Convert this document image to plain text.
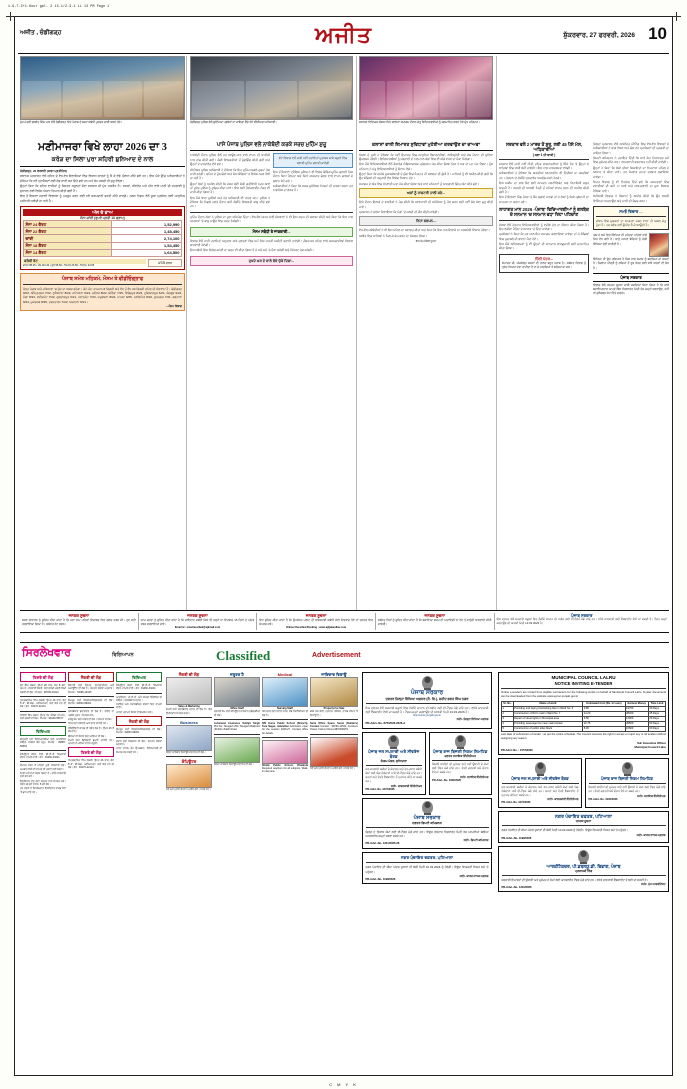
1-9-7-3+1.6our gal. 2 13-1/2-3.1 LL 13 PM Page 1
ਅਜੀਤ , ਚੰਡੀਗੜ੍ਹ	ਅਜੀਤ	ਸ਼ੁੱਕਰਵਾਰ, 27 ਫਰਵਰੀ, 2026 10
ਮੁੱਖ ਮੰਤਰੀ ਭਗਵੰਤ ਸਿੰਘ ਮਾਨ ਵੱਲੋਂ ਚੰਡੀਗੜ੍ਹ ਵਿਖੇ ਪੰਜਾਬ ਦੇ ਬਜਟ ਸਬੰਧੀ ਪੁਸਤਕ ਜਾਰੀ ਕਰਦੇ ਹੋਏ।	ਚੰਡੀਗੜ੍ਹ ਪੁਲਿਸ ਵੱਲੋਂ ਸੁਰੱਖਿਆ ਪ੍ਰਬੰਧਾਂ ਦਾ ਜਾਇਜ਼ਾ ਲੈਂਦੇ ਹੋਏ ਸੀਨੀਅਰ ਅਧਿਕਾਰੀ।	ਸਥਾਨਕ ਵਿਦਿਅਕ ਸੰਸਥਾ ਵਿਖੇ ਸਾਲਾਨਾ ਸਮਾਗਮ ਦੌਰਾਨ ਜੇਤੂ ਵਿਦਿਆਰਥੀਆਂ ਨੂੰ ਸਨਮਾਨਿਤ ਕਰਦੇ ਹੋਏ ਮੁੱਖ ਮਹਿਮਾਨ।
ਮਣੀਮਾਜਰਾ ਵਿਖੇ ਲਾਹਾ 2026 ਦਾ 3
ਕਰੋੜ ਦਾ ਸਿਲਾ ਪੁਰਾ ਸ਼ਹਿਰੀ ਬੁਨਿਆਦ ਦੇ ਨਾਲ

ਚੰਡੀਗੜ੍ਹ, 26 ਫਰਵਰੀ (ਸਾਡਾ ਪ੍ਰਤੀਨਿਧ)

ਸਥਾਨਕ ਪ੍ਰਸ਼ਾਸਨ ਵੱਲੋਂ ਸ਼ਹਿਰ ਦੇ ਵੱਖ-ਵੱਖ ਇਲਾਕਿਆਂ ਵਿਚ ਵਿਕਾਸ ਕਾਰਜਾਂ ਨੂੰ ਲੈ ਕੇ ਵੱਡੇ ਐਲਾਨ ਕੀਤੇ ਗਏ ਹਨ। ਇਸ ਮੌਕੇ ਉੱਚ ਅਧਿਕਾਰੀਆਂ ਨੇ ਦੱਸਿਆ ਕਿ ਨਵੇਂ ਪ੍ਰਾਜੈਕਟਾਂ ਲਈ ਫੰਡ ਜਾਰੀ ਕਰ ਦਿੱਤੇ ਗਏ ਹਨ ਅਤੇ ਕੰਮ ਜਲਦੀ ਹੀ ਸ਼ੁਰੂ ਹੋਵੇਗਾ।

ਉਨ੍ਹਾਂ ਕਿਹਾ ਕਿ ਸ਼ਹਿਰ ਵਾਸੀਆਂ ਨੂੰ ਬਿਹਤਰ ਸਹੂਲਤਾਂ ਦੇਣਾ ਸਰਕਾਰ ਦੀ ਮੁੱਖ ਤਰਜੀਹ ਹੈ। ਸੜਕਾਂ, ਸੀਵਰੇਜ ਅਤੇ ਪੀਣ ਵਾਲੇ ਪਾਣੀ ਦੀ ਸਪਲਾਈ ਨੂੰ ਸੁਧਾਰਨ ਲਈ ਵਿਸ਼ੇਸ਼ ਯੋਜਨਾ ਤਿਆਰ ਕੀਤੀ ਗਈ ਹੈ।

ਇਸ ਤੋਂ ਇਲਾਵਾ ਸਫ਼ਾਈ ਵਿਵਸਥਾ ਨੂੰ ਮਜ਼ਬੂਤ ਕਰਨ ਲਈ ਨਵੇਂ ਕਰਮਚਾਰੀ ਭਰਤੀ ਕੀਤੇ ਜਾਣਗੇ। ਨਗਰ ਨਿਗਮ ਵੱਲੋਂ ਕੂੜਾ ਪ੍ਰਬੰਧਨ ਲਈ ਆਧੁਨਿਕ ਮਸ਼ੀਨਰੀ ਖ਼ਰੀਦੀ ਜਾ ਰਹੀ ਹੈ।

ਅੱਜ ਦੇ ਭਾਅ
ਸੋਨਾ-ਚਾਂਦੀ (ਰੁਪਏ ਪ੍ਰਤੀ 10 ਗ੍ਰਾਮ)
ਸੋਨਾ 24 ਕੈਰਟ	1,52,990
ਸੋਨਾ 22 ਕੈਰਟ	1,48,450
ਚਾਂਦੀ	2,74,100
ਸੋਨਾ 18 ਕੈਰਟ	1,54,450
ਸੋਨਾ 14 ਕੈਰਟ	1,64,500
ਕਰੰਸੀ ਰੇਟ
ਡਾਲਰ 88.25 • ਪੌਂਡ 110.40 • ਯੂਰੋ 95.60 • ਰਿਆਲ 23.50 • ਦਿਰਹਮ 24.05
4/7/8 ਦਰਜ
ਪੰਜਾਬ ਸਮੇਤ ਮਹਿਕਮੇ, ਮੌਸਮ ਤੇ ਵੀਡੀਓਗ੍ਰਾਫ
ਕੱਲ੍ਹ ਪੰਜਾਬ ਅਤੇ ਹਰਿਆਣਾ 'ਚ ਧੁੰਦ ਦਾ ਅਸਰ ਰਹੇਗਾ। ਘੱਟੋ-ਘੱਟ ਤਾਪਮਾਨ 8 ਡਿਗਰੀ ਅਤੇ ਵੱਧ ਤੋਂ ਵੱਧ 24 ਡਿਗਰੀ ਰਹਿਣ ਦੀ ਸੰਭਾਵਨਾ ਹੈ। ਚੰਡੀਗੜ੍ਹ 9/23, ਅੰਮ੍ਰਿਤਸਰ 7/22, ਲੁਧਿਆਣਾ 8/23, ਪਟਿਆਲਾ 9/24, ਜਲੰਧਰ 8/22, ਬਠਿੰਡਾ 7/25, ਫਿਰੋਜ਼ਪੁਰ 8/23, ਹੁਸ਼ਿਆਰਪੁਰ 6/21, ਸੰਗਰੂਰ 9/24, ਮੋਗਾ 8/23, ਫਰੀਦਕੋਟ 7/22, ਗੁਰਦਾਸਪੁਰ 6/21, ਪਠਾਨਕੋਟ 7/23, ਕਪੂਰਥਲਾ 8/22, ਮਾਨਸਾ 9/25, ਨਵਾਂਸ਼ਹਿਰ 8/22, ਰੂਪਨਗਰ 7/21, ਬਰਨਾਲਾ 9/24, ਮੁਕਤਸਰ 8/25, ਤਰਨਤਾਰਨ 7/22, ਅਜਨਾਲਾ 6/21।
—ਮੌਸਮ ਵਿਭਾਗ
ਪਾਸੇ ਪੰਜਾਬ ਪੁਲਿਸ ਵਲੋਂ ਨਾਕੇਬੰਦੀ ਕਰਕੇ ਸਰਚ ਮੁਹਿੰਮ ਸ਼ੁਰੂ

ਨਾਕੇਬੰਦੀ ਦੌਰਾਨ ਪੁਲਿਸ ਵੱਲੋਂ ਹਰ ਆਉਣ-ਜਾਣ ਵਾਲੇ ਵਾਹਨ ਦੀ ਬਾਰੀਕੀ ਨਾਲ ਜਾਂਚ ਕੀਤੀ ਗਈ। ਸ਼ੱਕੀ ਵਿਅਕਤੀਆਂ ਤੋਂ ਪੁੱਛਗਿੱਛ ਕੀਤੀ ਗਈ ਅਤੇ ਉਨ੍ਹਾਂ ਦੇ ਦਸਤਾਵੇਜ਼ ਵੇਖੇ ਗਏ।

ਸੀਨੀਅਰ ਪੁਲਿਸ ਅਧਿਕਾਰੀ ਨੇ ਦੱਸਿਆ ਕਿ ਇਹ ਮੁਹਿੰਮ ਅਗਲੇ ਹੁਕਮਾਂ ਤੱਕ ਜਾਰੀ ਰਹੇਗੀ। ਸ਼ਹਿਰ ਦੇ ਮੁੱਖ ਚੌਕਾਂ ਅਤੇ ਬੱਸ ਅੱਡਿਆਂ 'ਤੇ ਵਿਸ਼ੇਸ਼ ਨਜ਼ਰ ਰੱਖੀ ਜਾ ਰਹੀ ਹੈ।

ਉਨ੍ਹਾਂ ਲੋਕਾਂ ਨੂੰ ਅਪੀਲ ਕੀਤੀ ਕਿ ਜੇਕਰ ਕੋਈ ਸ਼ੱਕੀ ਗਤੀਵਿਧੀ ਨਜ਼ਰ ਆਵੇ ਤਾਂ ਤੁਰੰਤ ਪੁਲਿਸ ਨੂੰ ਸੂਚਿਤ ਕੀਤਾ ਜਾਵੇ। ਇਸ ਲਈ ਹੈਲਪਲਾਈਨ ਨੰਬਰ ਵੀ ਜਾਰੀ ਕੀਤਾ ਗਿਆ ਹੈ।

ਇਸ ਮੌਕੇ ਥਾਣਾ ਮੁਖੀਆਂ ਅਤੇ ਹੋਰ ਅਧਿਕਾਰੀ ਵੀ ਹਾਜ਼ਰ ਸਨ। ਪੁਲਿਸ ਨੇ ਦੱਸਿਆ ਕਿ ਪਿਛਲੇ ਹਫ਼ਤੇ ਦੌਰਾਨ ਕਈ ਲੋੜੀਂਦੇ ਵਿਅਕਤੀ ਕਾਬੂ ਕੀਤੇ ਗਏ ਹਨ।

ਫੋਟੋ ਵਿਭਾਗ ਵਲੋਂ ਜਾਰੀ ਨਵੀਂ ਹਦਾਇਤਾਂ ਮੁਤਾਬਕ ਸਾਰੇ ਸਕੂਲਾਂ ਵਿਚ ਸਫ਼ਾਈ ਮੁਹਿੰਮ ਚਲਾਈ ਜਾਵੇਗੀ

ਇਸ ਤੋਂ ਇਲਾਵਾ ਟ੍ਰੈਫ਼ਿਕ ਪੁਲਿਸ ਨੇ ਵੀ ਵਿਸ਼ੇਸ਼ ਚੈਕਿੰਗ ਮੁਹਿੰਮ ਚਲਾਈ ਜਿਸ ਦੌਰਾਨ ਬਿਨਾਂ ਹੈਲਮਟ ਅਤੇ ਬਿਨਾਂ ਕਾਗਜ਼ਾਤ ਚੱਲਣ ਵਾਲੇ ਵਾਹਨ ਚਾਲਕਾਂ ਦੇ ਚਲਾਨ ਕੱਟੇ ਗਏ।

ਅਧਿਕਾਰੀਆਂ ਨੇ ਕਿਹਾ ਕਿ ਸੜਕ ਸੁਰੱਖਿਆ ਨਿਯਮਾਂ ਦੀ ਪਾਲਣਾ ਕਰਨਾ ਹਰ ਨਾਗਰਿਕ ਦਾ ਫ਼ਰਜ਼ ਹੈ।

ਮੁਹਿੰਮ ਦੌਰਾਨ ਲੋਕਾਂ ਨੇ ਪੁਲਿਸ ਦਾ ਪੂਰਾ ਸਹਿਯੋਗ ਦਿੱਤਾ। ਵੱਖ-ਵੱਖ ਸਮਾਜ ਸੇਵੀ ਸੰਸਥਾਵਾਂ ਨੇ ਵੀ ਇਸ ਕਦਮ ਦੀ ਸ਼ਲਾਘਾ ਕੀਤੀ ਅਤੇ ਕਿਹਾ ਕਿ ਇਸ ਨਾਲ ਅਪਰਾਧਾਂ 'ਤੇ ਕਾਬੂ ਪਾਉਣ ਵਿਚ ਮਦਦ ਮਿਲੇਗੀ।

ਮੌਸਮ ਸਬੰਧੀ ਤੇ ਜਾਣਕਾਰੀ...

ਵਿਭਾਗ ਵੱਲੋਂ ਜਾਰੀ ਹਦਾਇਤਾਂ ਅਨੁਸਾਰ ਸਾਰੇ ਦਫ਼ਤਰਾਂ ਵਿਚ ਸਮੇਂ ਸਿਰ ਹਾਜ਼ਰੀ ਯਕੀਨੀ ਬਣਾਈ ਜਾਵੇਗੀ। ਗ਼ੈਰਹਾਜ਼ਰ ਰਹਿਣ ਵਾਲੇ ਕਰਮਚਾਰੀਆਂ ਖ਼ਿਲਾਫ਼ ਕਾਰਵਾਈ ਹੋਵੇਗੀ।

ਇਸ ਸਬੰਧੀ ਇਕ ਵਿਸ਼ੇਸ਼ ਕਮੇਟੀ ਦਾ ਗਠਨ ਵੀ ਕੀਤਾ ਗਿਆ ਹੈ ਜੋ ਸਮੇਂ-ਸਮੇਂ 'ਤੇ ਦੌਰਾ ਕਰੇਗੀ ਅਤੇ ਰਿਪੋਰਟ ਪੇਸ਼ ਕਰੇਗੀ।

ਦੁਖਦੇ ਘਰ ਦੇ ਵਾਲੇ ਬੱਚੇ ਚੁੱਕੇ ਦਿਸ਼ਾ...
ਕਲਾਸਾਂ ਵਾਲੀ ਇਮਾਰਤ ਸੁਵਿਧਾਵਾਂ ਮੁਹੱਈਆ ਕਰਵਾਉਣ ਦਾ ਦਾਅਵਾ

ਸੰਸਥਾ ਦੇ ਮੁਖੀ ਨੇ ਦੱਸਿਆ ਕਿ ਨਵੀਂ ਇਮਾਰਤ ਵਿਚ ਆਧੁਨਿਕ ਲੈਬਾਰਟਰੀਆਂ, ਲਾਇਬ੍ਰੇਰੀ ਅਤੇ ਖੇਡ ਮੈਦਾਨ ਦੀ ਸੁਵਿਧਾ ਉਪਲਬਧ ਹੋਵੇਗੀ। ਵਿਦਿਆਰਥੀਆਂ ਨੂੰ ਪੜ੍ਹਾਈ ਦੇ ਨਾਲ-ਨਾਲ ਖੇਡਾਂ ਵਿਚ ਵੀ ਅੱਗੇ ਵਧਣ ਦਾ ਮੌਕਾ ਮਿਲੇਗਾ।

ਇਸ ਮੌਕੇ ਵਿਦਿਆਰਥੀਆਂ ਵੱਲੋਂ ਰੰਗਾਰੰਗ ਸੱਭਿਆਚਾਰਕ ਪ੍ਰੋਗਰਾਮ ਪੇਸ਼ ਕੀਤਾ ਗਿਆ ਜਿਸ ਨੇ ਸਭ ਦਾ ਮਨ ਮੋਹ ਲਿਆ। ਮੁੱਖ ਮਹਿਮਾਨ ਨੇ ਜੇਤੂ ਵਿਦਿਆਰਥੀਆਂ ਨੂੰ ਇਨਾਮ ਵੰਡੇ।

ਉਨ੍ਹਾਂ ਕਿਹਾ ਕਿ ਅਜੋਕੇ ਮੁਕਾਬਲੇਬਾਜ਼ੀ ਦੇ ਯੁੱਗ ਵਿਚ ਮਿਹਨਤ ਹੀ ਸਫਲਤਾ ਦੀ ਕੁੰਜੀ ਹੈ। ਮਾਪਿਆਂ ਨੂੰ ਵੀ ਅਪੀਲ ਕੀਤੀ ਗਈ ਕਿ ਉਹ ਬੱਚਿਆਂ ਦੀ ਪੜ੍ਹਾਈ ਵੱਲ ਵਿਸ਼ੇਸ਼ ਧਿਆਨ ਦੇਣ।

ਸਮਾਗਮ ਦੇ ਅੰਤ ਵਿਚ ਧੰਨਵਾਦੀ ਮਤਾ ਪੇਸ਼ ਕੀਤਾ ਗਿਆ ਅਤੇ ਸਾਰੇ ਮਹਿਮਾਨਾਂ ਨੂੰ ਯਾਦਗਾਰੀ ਚਿੰਨ੍ਹ ਭੇਟ ਕੀਤੇ ਗਏ।

ਅਸਾਂ ਨੂੰ ਰਾਸ਼ਟਰੀ ਹਾਲੀ ਬਣੇ...

ਇਸੇ ਦੌਰਾਨ ਇਲਾਕੇ ਦੇ ਵਸਨੀਕਾਂ ਨੇ ਮੰਗ ਕੀਤੀ ਕਿ ਆਵਾਜਾਈ ਦੀ ਸਮੱਸਿਆ ਨੂੰ ਹੱਲ ਕਰਨ ਲਈ ਨਵੀਂ ਬੱਸ ਸੇਵਾ ਸ਼ੁਰੂ ਕੀਤੀ ਜਾਵੇ।

ਪ੍ਰਸ਼ਾਸਨ ਨੇ ਭਰੋਸਾ ਦਿਵਾਇਆ ਕਿ ਮੰਗਾਂ 'ਤੇ ਜਲਦੀ ਹੀ ਗੌਰ ਕੀਤੀ ਜਾਵੇਗੀ।

ਰਿਹਾ ਬਚਪਨ...

ਵੱਖ-ਵੱਖ ਜਥੇਬੰਦੀਆਂ ਨੇ ਵੀ ਇਸ ਪਹਿਲ ਦਾ ਸਵਾਗਤ ਕੀਤਾ ਅਤੇ ਕਿਹਾ ਕਿ ਇਸ ਨਾਲ ਇਲਾਕੇ ਦਾ ਸਰਬਪੱਖੀ ਵਿਕਾਸ ਹੋਵੇਗਾ।

ਅਖੀਰ ਵਿਚ ਸਾਰਿਆਂ ਨੇ ਮਿਲ ਕੇ ਕੰਮ ਕਰਨ ਦਾ ਸੰਕਲਪ ਲਿਆ।

ਇਸ ਲੇਖ ਸੰਬੰਧੀ ਸੂਚਨਾ
ਸਰਕਾਰ ਵਲੋਂ 2 ਮਾਰਚ ਤੋਂ ਸ਼ੁਰੂ, ਲਈ 45 ਪੈਸੇ ਮੇਲ, ਅਧਿਕਾਰੀਆਂ
( ਸਫ਼ਾ 1 ਦੀ ਬਾਕੀ )

ਸਰਕਾਰ ਵੱਲੋਂ ਜਾਰੀ ਨਵੀਂ ਨੀਤੀ ਤਹਿਤ ਲਾਭਪਾਤਰੀਆਂ ਨੂੰ ਸਿੱਧੇ ਤੌਰ 'ਤੇ ਉਨ੍ਹਾਂ ਦੇ ਖਾਤਿਆਂ ਵਿਚ ਰਾਸ਼ੀ ਭੇਜੀ ਜਾਵੇਗੀ। ਇਸ ਨਾਲ ਪਾਰਦਰਸ਼ਤਾ ਵਧੇਗੀ।

ਅਧਿਕਾਰੀਆਂ ਨੇ ਦੱਸਿਆ ਕਿ ਅਰਜ਼ੀਆਂ ਆਨਲਾਈਨ ਵੀ ਦਿੱਤੀਆਂ ਜਾ ਸਕਦੀਆਂ ਹਨ। ਪੋਰਟਲ 'ਤੇ ਲੋੜੀਂਦੇ ਦਸਤਾਵੇਜ਼ ਅਪਲੋਡ ਕਰਨੇ ਹੋਣਗੇ।

ਇਸ ਸਕੀਮ ਦਾ ਲਾਭ ਲੈਣ ਲਈ ਆਮਦਨ ਸਰਟੀਫਿਕੇਟ ਅਤੇ ਰਿਹਾਇਸ਼ੀ ਸਬੂਤ ਲਾਜ਼ਮੀ ਹੈ। ਅਰਜ਼ੀ ਦੀ ਆਖ਼ਰੀ ਮਿਤੀ ਤੋਂ ਪਹਿਲਾਂ ਫਾਰਮ ਭਰਨ ਦੀ ਅਪੀਲ ਕੀਤੀ ਗਈ ਹੈ।

ਇਸ ਤੋਂ ਇਲਾਵਾ ਪਿੰਡ ਪੱਧਰ 'ਤੇ ਕੈਂਪ ਲਗਾਏ ਜਾਣਗੇ ਤਾਂ ਜੋ ਲੋਕਾਂ ਨੂੰ ਕਿਸੇ ਪ੍ਰੇਸ਼ਾਨੀ ਦਾ ਸਾਹਮਣਾ ਨਾ ਕਰਨਾ ਪਵੇ।

ਲਾਹਾਗਤ ਮਾਨ 2026 -ਪੰਜਾਬ' ਵਿਦਿਆਰਥੀਆਂ ਨੂੰ ਗਲਬੇਕ ਦੇ ਸਨਮਾਨ 'ਚ ਸਨਮਾਨ ਵਧਾ ਰਿਹਾ ਪਹਿਚਾਣ

ਸੰਸਥਾ ਵੱਲੋਂ ਹੋਣਹਾਰ ਵਿਦਿਆਰਥੀਆਂ ਨੂੰ ਵਜ਼ੀਫ਼ੇ ਦੇਣ ਦਾ ਐਲਾਨ ਕੀਤਾ ਗਿਆ ਹੈ। ਇਹ ਵਜ਼ੀਫ਼ਾ ਮੈਰਿਟ ਦੇ ਆਧਾਰ 'ਤੇ ਦਿੱਤਾ ਜਾਵੇਗਾ।

ਪ੍ਰਬੰਧਕਾਂ ਨੇ ਕਿਹਾ ਕਿ ਹਰ ਸਾਲ ਇਹ ਸਮਾਗਮ ਕਰਵਾਇਆ ਜਾਵੇਗਾ ਤਾਂ ਜੋ ਬੱਚਿਆਂ ਵਿਚ ਮੁਕਾਬਲੇ ਦੀ ਭਾਵਨਾ ਪੈਦਾ ਹੋਵੇ।

ਇਸ ਮੌਕੇ ਅਧਿਆਪਕਾਂ ਨੂੰ ਵੀ ਉਨ੍ਹਾਂ ਦੀ ਸ਼ਾਨਦਾਰ ਕਾਰਗੁਜ਼ਾਰੀ ਲਈ ਸਨਮਾਨਿਤ ਕੀਤਾ ਗਿਆ।

ਚਿੱਠੀ ਪੱਤਰ...

ਸੰਪਾਦਕ ਜੀ, ਅੱਜਕੱਲ੍ਹ ਸੜਕਾਂ ਦੀ ਹਾਲਤ ਬਹੁਤ ਖ਼ਰਾਬ ਹੈ। ਸਬੰਧਤ ਵਿਭਾਗ ਨੂੰ ਤੁਰੰਤ ਧਿਆਨ ਦੇਣਾ ਚਾਹੀਦਾ ਹੈ ਤਾਂ ਜੋ ਹਾਦਸਿਆਂ ਤੋਂ ਬਚਿਆ ਜਾ ਸਕੇ।

ਜ਼ਿਲ੍ਹਾ ਪ੍ਰਸ਼ਾਸਨ ਵੱਲੋਂ ਆਯੋਜਿਤ ਮੀਟਿੰਗ ਵਿਚ ਵੱਖ-ਵੱਖ ਵਿਭਾਗਾਂ ਦੇ ਅਧਿਕਾਰੀਆਂ ਨੇ ਭਾਗ ਲਿਆ ਅਤੇ ਚੱਲ ਰਹੇ ਪ੍ਰਾਜੈਕਟਾਂ ਦੀ ਪ੍ਰਗਤੀ ਦਾ ਜਾਇਜ਼ਾ ਲਿਆ।

ਡਿਪਟੀ ਕਮਿਸ਼ਨਰ ਨੇ ਹਦਾਇਤ ਦਿੱਤੀ ਕਿ ਸਾਰੇ ਕੰਮ ਨਿਰਧਾਰਤ ਸਮੇਂ ਵਿਚ ਮੁਕੰਮਲ ਕੀਤੇ ਜਾਣ। ਲਾਪਰਵਾਹੀ ਬਰਦਾਸ਼ਤ ਨਹੀਂ ਕੀਤੀ ਜਾਵੇਗੀ।

ਉਨ੍ਹਾਂ ਨੇ ਕਿਹਾ ਕਿ ਲੋਕਾਂ ਦੀਆਂ ਸ਼ਿਕਾਇਤਾਂ ਦਾ ਨਿਪਟਾਰਾ ਪਹਿਲ ਦੇ ਆਧਾਰ 'ਤੇ ਕੀਤਾ ਜਾਵੇ। ਹਰ ਸੋਮਵਾਰ ਜਨਤਾ ਦਰਬਾਰ ਲਗਾਇਆ ਜਾਵੇਗਾ।

ਸਿਹਤ ਵਿਭਾਗ ਨੂੰ ਵੀ ਨਿਰਦੇਸ਼ ਦਿੱਤੇ ਗਏ ਕਿ ਹਸਪਤਾਲਾਂ ਵਿਚ ਦਵਾਈਆਂ ਦੀ ਕਮੀ ਨਾ ਆਵੇ ਅਤੇ ਸਾਫ਼-ਸਫ਼ਾਈ ਦਾ ਪੂਰਾ ਖ਼ਿਆਲ ਰੱਖਿਆ ਜਾਵੇ।

ਖੇਤੀਬਾੜੀ ਵਿਭਾਗ ਨੇ ਕਿਸਾਨਾਂ ਨੂੰ ਅਪੀਲ ਕੀਤੀ ਕਿ ਉਹ ਫ਼ਸਲੀ ਵਿਭਿੰਨਤਾ ਅਪਣਾਉਣ ਅਤੇ ਪਾਣੀ ਦੀ ਬੱਚਤ ਕਰਨ।

ਸਮਝੋ ਵਿਚਾਰ ...
ਜੀਵਨ ਵਿਚ ਮੁਸ਼ਕਲਾਂ ਦਾ ਸਾਹਮਣਾ ਕਰਨ ਵਾਲਾ ਹੀ ਅਸਲ ਜੇਤੂ ਹੁੰਦਾ ਹੈ। ਹਰ ਸਵੇਰ ਨਵੀਂ ਉਮੀਦ ਲੈ ਕੇ ਆਉਂਦੀ ਹੈ।

ਅੱਜ ਦੇ ਸਮੇਂ ਵਿਚ ਸਿੱਖਿਆ ਦੀ ਮਹੱਤਤਾ ਪਹਿਲਾਂ ਨਾਲੋਂ ਕਿਤੇ ਵੱਧ ਗਈ ਹੈ। ਸਾਨੂੰ ਆਪਣੇ ਬੱਚਿਆਂ ਨੂੰ ਚੰਗੀ ਸਿੱਖਿਆ ਦੇਣੀ ਚਾਹੀਦੀ ਹੈ।

ਸਿੱਖਿਆ ਹੀ ਉਹ ਹਥਿਆਰ ਹੈ ਜਿਸ ਨਾਲ ਸਮਾਜ ਨੂੰ ਬਦਲਿਆ ਜਾ ਸਕਦਾ ਹੈ। ਨੌਜਵਾਨ ਪੀੜ੍ਹੀ ਨੂੰ ਨਸ਼ਿਆਂ ਤੋਂ ਦੂਰ ਰੱਖਣ ਲਈ ਸਾਂਝੇ ਯਤਨਾਂ ਦੀ ਲੋੜ ਹੈ।

ਪੰਜਾਬ ਸਰਕਾਰ

ਵਿਭਾਗ ਵੱਲੋਂ ਜਨਤਕ ਸੂਚਨਾ ਜਾਰੀ ਕਰਦਿਆਂ ਕਿਹਾ ਗਿਆ ਹੈ ਕਿ ਸਾਰੇ ਬਕਾਇਆਦਾਰ ਆਪਣੇ ਬਿੱਲ ਨਿਰਧਾਰਤ ਮਿਤੀ ਤੱਕ ਜਮ੍ਹਾਂ ਕਰਵਾਉਣ, ਨਹੀਂ ਤਾਂ ਕੁਨੈਕਸ਼ਨ ਕੱਟ ਦਿੱਤੇ ਜਾਣਗੇ।

ਜਨਤਕ ਸੂਚਨਾ
ਸਰਵ ਸਾਧਾਰਨ ਨੂੰ ਸੂਚਿਤ ਕੀਤਾ ਜਾਂਦਾ ਹੈ ਕਿ ਮੇਰਾ ਨਾਮ ਪਹਿਲਾਂ ਰਿਕਾਰਡ ਵਿਚ ਗ਼ਲਤ ਦਰਜ ਸੀ। ਹੁਣ ਸਹੀ ਕਰਵਾਇਆ ਗਿਆ ਹੈ। ਸਬੰਧਤ ਨੋਟ ਕਰਨ।
ਜਨਤਕ ਸੂਚਨਾ
ਆਮ ਜਨਤਾ ਨੂੰ ਸੂਚਿਤ ਕੀਤਾ ਜਾਂਦਾ ਹੈ ਕਿ ਜਾਇਦਾਦ ਸਬੰਧੀ ਕਿਸੇ ਵੀ ਤਰ੍ਹਾਂ ਦਾ ਇਤਰਾਜ਼ 15 ਦਿਨਾਂ ਦੇ ਅੰਦਰ ਦਰਜ ਕਰਵਾਇਆ ਜਾਵੇ।
Email id : omaclassified@ajitmail.com
ਜਨਤਕ ਸੂਚਨਾ
ਇਹ ਸੂਚਿਤ ਕੀਤਾ ਜਾਂਦਾ ਹੈ ਕਿ ਉਪਰੋਕਤ ਪਲਾਟ ਦੀ ਰਜਿਸਟਰੀ ਸਬੰਧੀ ਕੋਈ ਇਤਰਾਜ਼ ਹੋਵੇ ਤਾਂ ਦਫ਼ਤਰ ਵਿਚ ਸੰਪਰਕ ਕਰੋ।
Online Classified Booking : www.ajitjalandhar.com
ਜਨਤਕ ਸੂਚਨਾ
ਸਬੰਧਤ ਧਿਰਾਂ ਨੂੰ ਸੂਚਿਤ ਕੀਤਾ ਜਾਂਦਾ ਹੈ ਕਿ ਬਕਾਇਆ ਰਕਮ ਦੀ ਅਦਾਇਗੀ ਨਾ ਹੋਣ ਤੇ ਕਾਨੂੰਨੀ ਕਾਰਵਾਈ ਕੀਤੀ ਜਾਵੇਗੀ।
ਪੰਜਾਬ ਸਰਕਾਰ
ਇਸ ਦਫ਼ਤਰ ਵੱਲੋਂ ਸਰਕਾਰੀ ਸਕੂਲਾਂ ਵਿਚ ਲੋੜੀਂਦੇ ਸਾਮਾਨ ਦੀ ਖ਼ਰੀਦ ਲਈ ਈ-ਟੈਂਡਰ ਮੰਗੇ ਜਾਂਦੇ ਹਨ। ਵਧੇਰੇ ਜਾਣਕਾਰੀ ਲਈ ਵੈੱਬਸਾਈਟ ਵੇਖੀ ਜਾ ਸਕਦੀ ਹੈ। ਟੈਂਡਰ ਜਮ੍ਹਾਂ ਕਰਵਾਉਣ ਦੀ ਆਖ਼ਰੀ ਮਿਤੀ 13.03.2026 ਹੈ।
ਸਿਰਲੇਖਵਾਰ	ਵਿਗਿਆਪਨ	Classified	Advertisement
ਰਿਸ਼ਤੇ ਦੀ ਲੋੜ
ਜੱਟ ਸਿੱਖ ਲੜਕਾ, ਉਮਰ 28 ਸਾਲ, ਕੱਦ 5'-10", ਐਮ.ਏ., ਸਰਕਾਰੀ ਨੌਕਰੀ, ਲਈ ਸੁਨੱਖੀ ਪੜ੍ਹੀ-ਲਿਖੀ ਲੜਕੀ ਦੀ ਲੋੜ। ਸੰਪਰਕ : 98765-43210
ਰਾਮਗੜ੍ਹੀਆ ਸਿੱਖ ਲੜਕੀ, ਉਮਰ 26 ਸਾਲ, ਕੱਦ 5'-4", ਬੀ.ਐਡ., ਅਧਿਆਪਕਾ, ਲਈ ਯੋਗ ਵਰ ਦੀ ਲੋੜ। ਫ਼ੋਨ : 94170-22114
ਸਾਇਨੀ ਸਿੱਖ ਲੜਕਾ, ਉਮਰ 31, ਕੈਨੇਡਾ ਪੀ.ਆਰ., ਲਈ ਲੜਕੀ ਦੀ ਲੋੜ। ਸੰਪਰਕ : 98140-55677
ਵਿਦਿਅਕ
ਬਾਰ੍ਹਵੀਂ ਪਾਸ ਵਿਦਿਆਰਥੀਆਂ ਲਈ ਆਈਲੈਟਸ ਕੋਚਿੰਗ, ਸਪੈਸ਼ਲ ਬੈਚ ਸ਼ੁਰੂ। ਸੰਪਰਕ : 99887-66554
ਕੰਪਿਊਟਰ ਕੋਰਸ, ਟੈਲੀ, ਡੀ.ਟੀ.ਪੀ. ਸਿਖਲਾਈ ਕੇਂਦਰ, ਦਾਖ਼ਲੇ ਜਾਰੀ। ਫ਼ੋਨ : 81460-33221

ਸੰਪਰਕ ਕਰਨ ਤੋਂ ਪਹਿਲਾਂ ਪੂਰੀ ਜਾਣਕਾਰੀ ਲਵੋ। ਅਖ਼ਬਾਰ ਕਿਸੇ ਵੀ ਦਾਅਵੇ ਦੀ ਪੁਸ਼ਟੀ ਨਹੀਂ ਕਰਦਾ।

ਮਿਤੀ ਅਤੇ ਸਮਾਂ ਬਦਲ ਸਕਦਾ ਹੈ। ਵਧੇਰੇ ਜਾਣਕਾਰੀ ਲਈ ਫ਼ੋਨ ਕਰੋ।

ਇਸ਼ਤਿਹਾਰ ਦੇਣ ਲਈ ਦਫ਼ਤਰ ਨਾਲ ਸੰਪਰਕ ਕਰੋ। ਸਵੇਰੇ 10 ਵਜੇ ਤੋਂ ਸ਼ਾਮ 5 ਵਜੇ ਤੱਕ।

ਹਰ ਤਰ੍ਹਾਂ ਦੇ ਸਿਰਲੇਖਵਾਰ ਇਸ਼ਤਿਹਾਰ ਵਾਜਬ ਰੇਟਾਂ 'ਤੇ ਛਾਪੇ ਜਾਂਦੇ ਹਨ।

ਨੌਕਰੀ ਦੀ ਲੋੜ
ਫੈਕਟਰੀ ਲਈ ਹੈਲਪਰ, ਸੁਪਰਵਾਈਜ਼ਰ ਅਤੇ ਅਕਾਊਂਟੈਂਟ ਦੀ ਲੋੜ ਹੈ। ਤਨਖ਼ਾਹ ਯੋਗਤਾ ਅਨੁਸਾਰ। ਸੰਪਰਕ : 70098-12345
ਸ਼ੋਅਰੂਮ ਲਈ ਸੇਲਜ਼ਮੈਨ/ਸੇਲਜ਼ਗਰਲ ਦੀ ਲੋੜ। ਸੰਪਰਕ : 62830-99001

ਤਜਰਬੇਕਾਰ ਡਰਾਈਵਰ ਦੀ ਲੋੜ ਹੈ। ਰਹਿਣ ਦਾ ਪ੍ਰਬੰਧ ਮੁਫ਼ਤ। ਸੰਪਰਕ ਕਰੋ।

ਘਰੇਲੂ ਕੰਮ ਲਈ ਔਰਤ ਦੀ ਲੋੜ। ਤਨਖ਼ਾਹ ਵਾਜਬ।

ਹੋਟਲ ਲਈ ਰਸੋਈਏ ਅਤੇ ਵੇਟਰ ਚਾਹੀਦੇ ਹਨ।

ਸਕਿਉਰਿਟੀ ਗਾਰਡ ਦੀ ਤੁਰੰਤ ਲੋੜ ਹੈ। ਉਮਰ 25 ਤੋਂ 45 ਸਾਲ।

ਬੱਚਿਆਂ ਦੀ ਸੰਭਾਲ ਲਈ ਆਇਆ ਦੀ ਲੋੜ।

ਕੰਪਨੀ ਲਈ ਡਿਲਿਵਰੀ ਬੁਆਏ ਚਾਹੀਦੇ ਹਨ। ਆਪਣਾ ਦੋ-ਪਹੀਆ ਵਾਹਨ ਜ਼ਰੂਰੀ।

ਰਿਸ਼ਤੇ ਦੀ ਲੋੜ
ਰਾਮਗੜ੍ਹੀਆ ਸਿੱਖ ਲੜਕੀ, ਉਮਰ 26 ਸਾਲ, ਕੱਦ 5'-4", ਬੀ.ਐਡ., ਅਧਿਆਪਕਾ, ਲਈ ਯੋਗ ਵਰ ਦੀ ਲੋੜ। ਫ਼ੋਨ : 94170-22114
ਵਿਦਿਅਕ
ਕੰਪਿਊਟਰ ਕੋਰਸ, ਟੈਲੀ, ਡੀ.ਟੀ.ਪੀ. ਸਿਖਲਾਈ ਕੇਂਦਰ, ਦਾਖ਼ਲੇ ਜਾਰੀ। ਫ਼ੋਨ : 81460-33221

ਆਈਲੈਟਸ, ਪੀ.ਟੀ.ਈ. ਅਤੇ ਸਪੋਕਨ ਇੰਗਲਿਸ਼ ਦੀ ਕੋਚਿੰਗ। ਤਜਰਬੇਕਾਰ ਸਟਾਫ਼।

ਨਰਸਿੰਗ ਅਤੇ ਪੈਰਾਮੈਡੀਕਲ ਕੋਰਸਾਂ ਵਿਚ ਦਾਖ਼ਲਾ ਜਾਰੀ।

ਮਾਨਤਾ ਪ੍ਰਾਪਤ ਸੰਸਥਾ ਤੋਂ ਡਿਪਲੋਮਾ ਕਰੋ।

ਨੌਕਰੀ ਦੀ ਲੋੜ
ਸ਼ੋਅਰੂਮ ਲਈ ਸੇਲਜ਼ਮੈਨ/ਸੇਲਜ਼ਗਰਲ ਦੀ ਲੋੜ। ਸੰਪਰਕ : 62830-99001

ਦੁਕਾਨ ਲਈ ਸੇਲਜ਼ਮੈਨ ਦੀ ਲੋੜ। ਤਨਖ਼ਾਹ ਯੋਗਤਾ ਅਨੁਸਾਰ।

ਪਾਰਟ ਟਾਈਮ ਕੰਮ ਉਪਲਬਧ। ਵਿਦਿਆਰਥੀ ਵੀ ਸੰਪਰਕ ਕਰ ਸਕਦੇ ਹਨ।

ਨੌਕਰੀ ਦੀ ਲੋੜ
Sales & Marketing
ਕੰਪਨੀ ਲਈ ਤਜਰਬੇਕਾਰ ਸਟਾਫ਼ ਦੀ ਲੋੜ ਹੈ। ਯੋਗ ਉਮੀਦਵਾਰ ਸੰਪਰਕ ਕਰਨ।
Business
ਚੱਲਦਾ ਕਾਰੋਬਾਰ ਵਿਕਾਊ/ਪਾਰਟਨਰ ਦੀ ਲੋੜ।
ਕੰਪਿਊਟਰ
ਨਵੇਂ ਅਤੇ ਪੁਰਾਣੇ ਲੈਪਟਾਪ ਖ਼ਰੀਦੋ-ਵੇਚੋ। ਸਸਤੇ ਰੇਟ।
ਜ਼ਰੂਰਤ ਹੈ
Office Staff
ਦਫ਼ਤਰੀ ਕੰਮ ਲਈ ਕੰਪਿਊਟਰ ਜਾਣਕਾਰ ਮੁੰਡੇ/ਕੁੜੀਆਂ ਦੀ ਲੋੜ।
Luhanand Insurance Sukhjit Singh Plot No. Tarogarh 252, Tarogarh Ballpoint (Public) Jhabh Road
ਚੱਲਦਾ ਕਾਰੋਬਾਰ ਵਿਕਾਊ/ਪਾਰਟਨਰ ਦੀ ਲੋੜ।
Medical
Nursing Staff
ਹਸਪਤਾਲ ਲਈ ਸਟਾਫ਼ ਨਰਸ, ਲੈਬ ਟੈਕਨੀਸ਼ੀਅਨ ਦੀ ਲੋੜ ਹੈ।
SBI Home Public School (Branch), Tara Nagar, Jalandhar Admission open for the session 2026-27. Contact office for details.
Shakti Public School, Bhatinda Required teachers for all subjects. Walk-in interview.
ਜਾਇਦਾਦ ਵਿਕਾਊ
Property For Sale
200 ਗਜ਼ ਕੋਠੀ, ਪ੍ਰਾਈਮ ਲੋਕੇਸ਼ਨ, ਵਾਜਬ ਕੀਮਤ 'ਤੇ ਵਿਕਾਊ ਹੈ।
Sarla Office Space Suren (Builders) Contact Contact : 98760-14532, Furniture Owner Colony Nimsa 9870266251
ਨਵੇਂ ਅਤੇ ਪੁਰਾਣੇ ਲੈਪਟਾਪ ਖ਼ਰੀਦੋ-ਵੇਚੋ। ਸਸਤੇ ਰੇਟ।
ਪੰਜਾਬ ਸਰਕਾਰ
ਦਫ਼ਤਰ ਜ਼ਿਲ੍ਹਾ ਸਿੱਖਿਆ ਅਫ਼ਸਰ (ਸੈ. ਸਿ.), ਸ਼ਹੀਦ ਭਗਤ ਸਿੰਘ ਨਗਰ
ਇਸ ਦਫ਼ਤਰ ਵੱਲੋਂ ਸਰਕਾਰੀ ਸਕੂਲਾਂ ਵਿਚ ਲੋੜੀਂਦੇ ਸਾਮਾਨ ਦੀ ਖ਼ਰੀਦ ਲਈ ਈ-ਟੈਂਡਰ ਮੰਗੇ ਜਾਂਦੇ ਹਨ। ਵਧੇਰੇ ਜਾਣਕਾਰੀ ਲਈ ਵੈੱਬਸਾਈਟ ਵੇਖੀ ਜਾ ਸਕਦੀ ਹੈ। ਟੈਂਡਰ ਜਮ੍ਹਾਂ ਕਰਵਾਉਣ ਦੀ ਆਖ਼ਰੀ ਮਿਤੀ 13.03.2026 ਹੈ।
http://eproc.punjab.gov.in
ਸਹੀ/- ਜ਼ਿਲ੍ਹਾ ਸਿੱਖਿਆ ਅਫ਼ਸਰ
PR-Advt.-No. 875/2026-2026-A
ਪੰਜਾਬ ਜਲ ਸਪਲਾਈ ਅਤੇ ਸੀਵਰੇਜ ਬੋਰਡ
ਨਿਗਮ ਮੰਡਲ, ਲੁਧਿਆਣਾ
ਜਲ ਸਪਲਾਈ ਸਕੀਮਾਂ ਦੇ ਸੰਚਾਲਨ ਅਤੇ ਰੱਖ-ਰਖਾਵ ਸਬੰਧੀ ਕੰਮਾਂ ਲਈ ਯੋਗ ਠੇਕੇਦਾਰਾਂ ਪਾਸੋਂ ਈ-ਟੈਂਡਰ ਮੰਗੇ ਜਾਂਦੇ ਹਨ। ਸ਼ਰਤਾਂ ਅਤੇ ਵੇਰਵੇ ਵੈੱਬਸਾਈਟ ਤੋਂ ਪ੍ਰਾਪਤ ਕੀਤੇ ਜਾ ਸਕਦੇ ਹਨ।
ਸਹੀ/- ਕਾਰਜਕਾਰੀ ਇੰਜੀਨੀਅਰ
PR-Advt.-No. 1073/2026
ਪੰਜਾਬ ਰਾਜ ਬਿਜਲੀ ਨਿਗਮ ਲਿਮਟਿਡ
ਦਫ਼ਤਰ ਸਹਾਇਕ ਇੰਜੀਨੀਅਰ
ਬਿਜਲੀ ਲਾਈਨਾਂ ਦੀ ਮੁਰੰਮਤ ਅਤੇ ਨਵੀਂ ਉਸਾਰੀ ਦੇ ਕੰਮਾਂ ਲਈ ਟੈਂਡਰ ਮੰਗੇ ਜਾਂਦੇ ਹਨ। ਵੇਰਵੇ ਦਫ਼ਤਰੀ ਸਮੇਂ ਦੌਰਾਨ ਵੇਖੇ ਜਾ ਸਕਦੇ ਹਨ।
ਸਹੀ/- ਸਹਾਇਕ ਇੰਜੀਨੀਅਰ
PR-Advt.-No. 1002/2026
ਪੰਜਾਬ ਸਰਕਾਰ
ਦਫ਼ਤਰ ਡਿਪਟੀ ਕਮਿਸ਼ਨਰ
ਜ਼ਿਲ੍ਹੇ ਦੇ ਵਿਕਾਸ ਕੰਮਾਂ ਲਈ ਈ-ਟੈਂਡਰ ਮੰਗੇ ਜਾਂਦੇ ਹਨ। ਇਛੁੱਕ ਠੇਕੇਦਾਰ ਨਿਰਧਾਰਤ ਮਿਤੀ ਤੱਕ ਆਪਣੀਆਂ ਬੋਲੀਆਂ ਆਨਲਾਈਨ ਜਮ੍ਹਾਂ ਕਰਵਾ ਸਕਦੇ ਹਨ।
ਸਹੀ/- ਡਿਪਟੀ ਕਮਿਸ਼ਨਰ
PR-Advt.-No. 1241/2026-26
ਨਗਰ ਪੰਚਾਇਤ ਦਫ਼ਤਰ, ਪਟਿਆਲਾ
ਨਗਰ ਪੰਚਾਇਤ ਦੀ ਸੀਮਾ ਅੰਦਰ ਦੁਕਾਨਾਂ ਦੀ ਬੋਲੀ ਮਿਤੀ 10.03.2026 ਨੂੰ ਹੋਵੇਗੀ। ਇਛੁੱਕ ਵਿਅਕਤੀ ਨਿਯਤ ਸਮੇਂ 'ਤੇ ਪਹੁੰਚਣ।
ਸਹੀ/- ਕਾਰਜ ਸਾਧਕ ਅਫ਼ਸਰ
PR-Advt.-No. 1198/2026
MUNICIPAL COUNCIL LALRU
NOTICE INVITING E-TENDER
Online e-tenders are invited from eligible contractors for the following works on behalf of Municipal Council Lalru. Tender documents can be downloaded from the website www.eproc.punjab.gov.in
Sr. No.	Name of work	Estimated Cost (Rs. in Lacs)	Earnest Money	Time Limit
1	Providing and laying interlocking tiles in Ward No. 5	9.85	19700	30 Days
2	Construction of RCC road in Ward No. 7	14.20	28400	45 Days
3	Repair of street lights in Municipal area	6.50	13000	20 Days
4	Providing sewerage line near main bazaar	22.75	45500	60 Days
5	Construction of public toilet block	8.30	16600	30 Days
Last date of submission of tender : as per the online schedule. The Council reserves the right to accept or reject any or all tenders without assigning any reason.
Sd/- Executive Officer
Municipal Council Lalru
PR-Advt.-No. : 1557/2026
ਪੰਜਾਬ ਜਲ ਸਪਲਾਈ ਅਤੇ ਸੀਵਰੇਜ ਬੋਰਡ
ਜਲ ਸਪਲਾਈ ਸਕੀਮਾਂ ਦੇ ਸੰਚਾਲਨ ਅਤੇ ਰੱਖ-ਰਖਾਵ ਸਬੰਧੀ ਕੰਮਾਂ ਲਈ ਯੋਗ ਠੇਕੇਦਾਰਾਂ ਪਾਸੋਂ ਈ-ਟੈਂਡਰ ਮੰਗੇ ਜਾਂਦੇ ਹਨ। ਸ਼ਰਤਾਂ ਅਤੇ ਵੇਰਵੇ ਵੈੱਬਸਾਈਟ ਤੋਂ ਪ੍ਰਾਪਤ ਕੀਤੇ ਜਾ ਸਕਦੇ ਹਨ।
ਸਹੀ/- ਕਾਰਜਕਾਰੀ ਇੰਜੀਨੀਅਰ
PR-Advt.-No. 1073/2026
ਪੰਜਾਬ ਰਾਜ ਬਿਜਲੀ ਨਿਗਮ ਲਿਮਟਿਡ
ਬਿਜਲੀ ਲਾਈਨਾਂ ਦੀ ਮੁਰੰਮਤ ਅਤੇ ਨਵੀਂ ਉਸਾਰੀ ਦੇ ਕੰਮਾਂ ਲਈ ਟੈਂਡਰ ਮੰਗੇ ਜਾਂਦੇ ਹਨ। ਵੇਰਵੇ ਦਫ਼ਤਰੀ ਸਮੇਂ ਦੌਰਾਨ ਵੇਖੇ ਜਾ ਸਕਦੇ ਹਨ।
ਸਹੀ/- ਸਹਾਇਕ ਇੰਜੀਨੀਅਰ
PR-Advt.-No. 1002/2026
ਨਗਰ ਪੰਚਾਇਤ ਦਫ਼ਤਰ, ਪਟਿਆਲਾ
ਜਨਤਕ ਸੂਚਨਾ
ਨਗਰ ਪੰਚਾਇਤ ਦੀ ਸੀਮਾ ਅੰਦਰ ਦੁਕਾਨਾਂ ਦੀ ਬੋਲੀ ਮਿਤੀ 10.03.2026 ਨੂੰ ਹੋਵੇਗੀ। ਇਛੁੱਕ ਵਿਅਕਤੀ ਨਿਯਤ ਸਮੇਂ 'ਤੇ ਪਹੁੰਚਣ।
ਸਹੀ/- ਕਾਰਜ ਸਾਧਕ ਅਫ਼ਸਰ
PR-Advt.-No. 1198/2026
ਆਰਕੀਟੈਕਚਰ, ਪੀ.ਡਬਲਯੂ.ਡੀ. ਵਿਭਾਗ, ਪੰਜਾਬ
ਪ੍ਰਸ਼ਾਸਕੀ ਵਿੰਗ
ਸਰਕਾਰੀ ਇਮਾਰਤਾਂ ਦੀ ਉਸਾਰੀ ਅਤੇ ਮੁਰੰਮਤ ਦੇ ਕੰਮਾਂ ਲਈ ਆਨਲਾਈਨ ਟੈਂਡਰ ਮੰਗੇ ਜਾਂਦੇ ਹਨ। ਵਧੇਰੇ ਜਾਣਕਾਰੀ ਵੈੱਬਸਾਈਟ ਤੋਂ ਲਈ ਜਾ ਸਕਦੀ ਹੈ।
ਸਹੀ/- ਮੁੱਖ ਆਰਕੀਟੈਕਟ
PR-Advt.-No. 1310/2026
C M Y K
